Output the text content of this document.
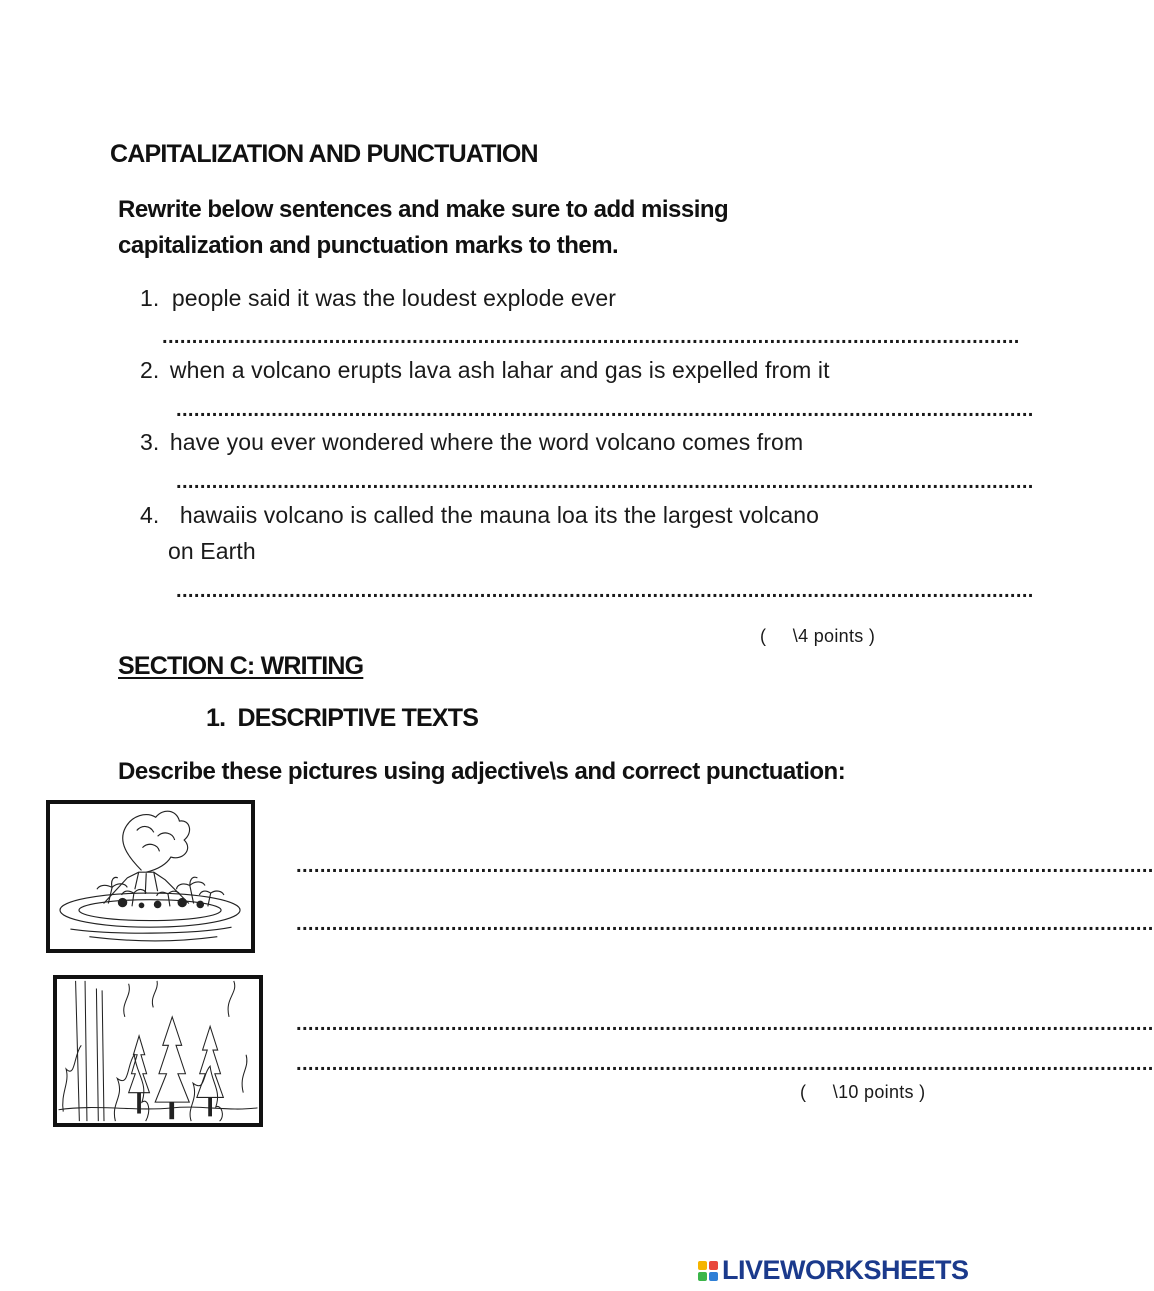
CAPITALIZATION AND PUNCTUATION
Rewrite below sentences and make sure to add missing
capitalization and punctuation marks to them.
1. people said it was the loudest explode ever
................................................................................................................................................
2. when a volcano erupts lava ash lahar and gas is expelled from it
................................................................................................................................................
3. have you ever wondered where the word volcano comes from
................................................................................................................................................
4. hawaiis volcano is called the mauna loa its the largest volcano
on Earth
................................................................................................................................................
(     \4 points )
SECTION C: WRITING
1.  DESCRIPTIVE TEXTS
Describe these pictures using adjective\s and correct punctuation:
................................................................................................................................................
................................................................................................................................................
................................................................................................................................................
................................................................................................................................................
(     \10 points )
LIVEWORKSHEETS
